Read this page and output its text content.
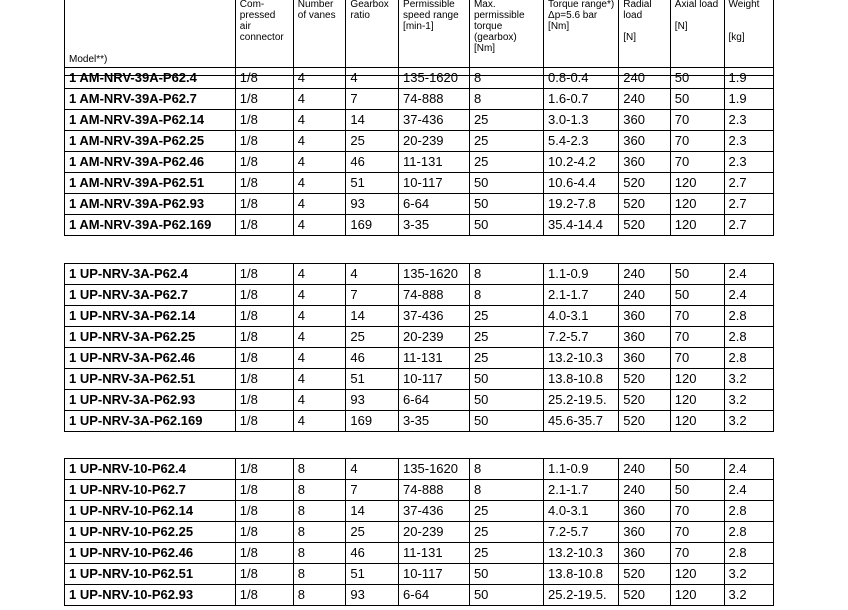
Model**)	Com-
pressed
air
connector	Number
of vanes	Gearbox
ratio	Permissible
speed range
[min-1]	Max.
permissible
torque
(gearbox)
[Nm]	Torque range*)
Δp=5.6 bar
[Nm]	Radial
load

[N]	Axial load

[N]	Weight

[kg]
1 AM-NRV-39A-P62.4	1/8	4	4	135-1620	8	0.8-0.4	240	50	1.9
1 AM-NRV-39A-P62.7	1/8	4	7	74-888	8	1.6-0.7	240	50	1.9
1 AM-NRV-39A-P62.14	1/8	4	14	37-436	25	3.0-1.3	360	70	2.3
1 AM-NRV-39A-P62.25	1/8	4	25	20-239	25	5.4-2.3	360	70	2.3
1 AM-NRV-39A-P62.46	1/8	4	46	11-131	25	10.2-4.2	360	70	2.3
1 AM-NRV-39A-P62.51	1/8	4	51	10-117	50	10.6-4.4	520	120	2.7
1 AM-NRV-39A-P62.93	1/8	4	93	6-64	50	19.2-7.8	520	120	2.7
1 AM-NRV-39A-P62.169	1/8	4	169	3-35	50	35.4-14.4	520	120	2.7
1 UP-NRV-3A-P62.4	1/8	4	4	135-1620	8	1.1-0.9	240	50	2.4
1 UP-NRV-3A-P62.7	1/8	4	7	74-888	8	2.1-1.7	240	50	2.4
1 UP-NRV-3A-P62.14	1/8	4	14	37-436	25	4.0-3.1	360	70	2.8
1 UP-NRV-3A-P62.25	1/8	4	25	20-239	25	7.2-5.7	360	70	2.8
1 UP-NRV-3A-P62.46	1/8	4	46	11-131	25	13.2-10.3	360	70	2.8
1 UP-NRV-3A-P62.51	1/8	4	51	10-117	50	13.8-10.8	520	120	3.2
1 UP-NRV-3A-P62.93	1/8	4	93	6-64	50	25.2-19.5.	520	120	3.2
1 UP-NRV-3A-P62.169	1/8	4	169	3-35	50	45.6-35.7	520	120	3.2
1 UP-NRV-10-P62.4	1/8	8	4	135-1620	8	1.1-0.9	240	50	2.4
1 UP-NRV-10-P62.7	1/8	8	7	74-888	8	2.1-1.7	240	50	2.4
1 UP-NRV-10-P62.14	1/8	8	14	37-436	25	4.0-3.1	360	70	2.8
1 UP-NRV-10-P62.25	1/8	8	25	20-239	25	7.2-5.7	360	70	2.8
1 UP-NRV-10-P62.46	1/8	8	46	11-131	25	13.2-10.3	360	70	2.8
1 UP-NRV-10-P62.51	1/8	8	51	10-117	50	13.8-10.8	520	120	3.2
1 UP-NRV-10-P62.93	1/8	8	93	6-64	50	25.2-19.5.	520	120	3.2
